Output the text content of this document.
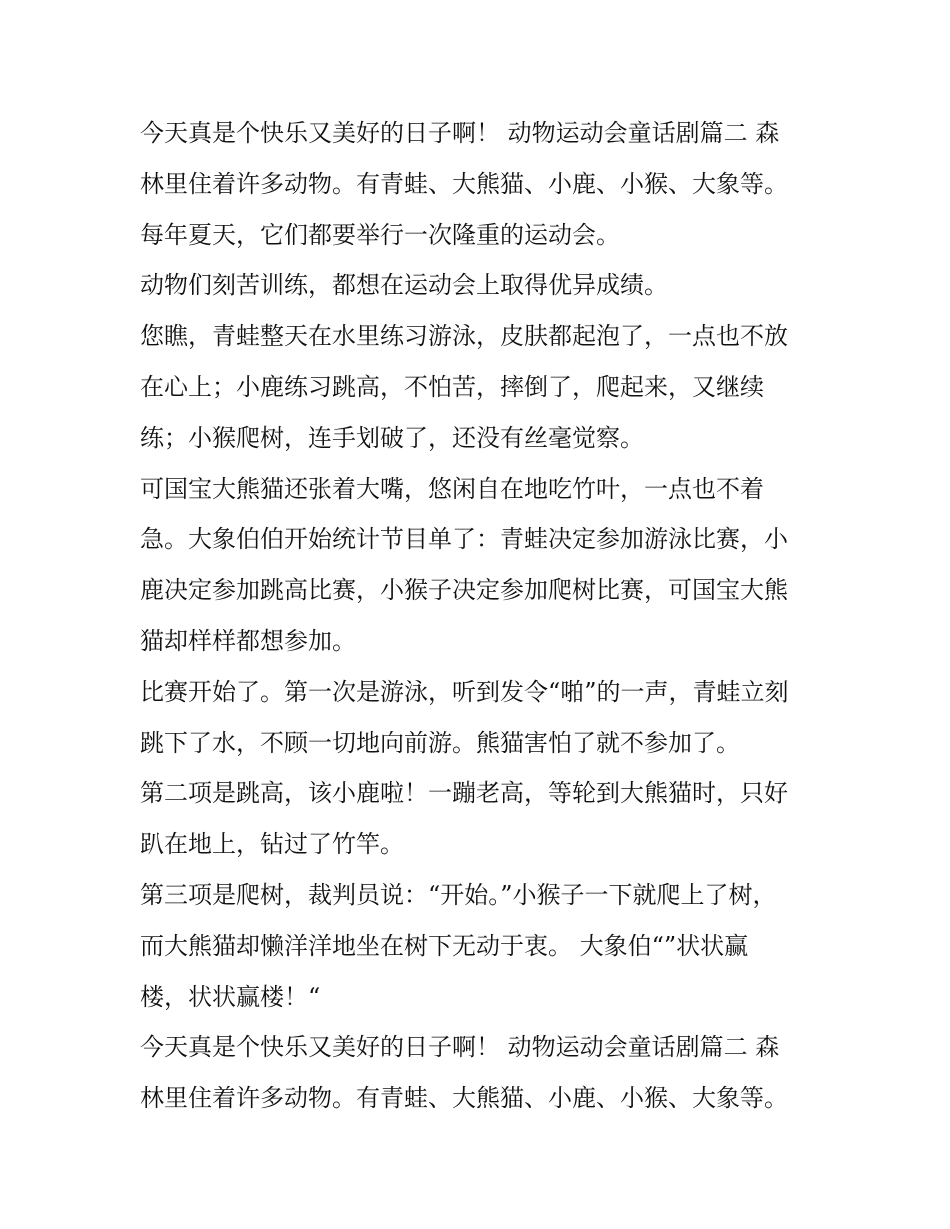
今天真是个快乐又美好的日子啊！ 动物运动会童话剧篇二 森
林里住着许多动物。有青蛙、大熊猫、小鹿、小猴、大象等。
每年夏天，它们都要举行一次隆重的运动会。
动物们刻苦训练，都想在运动会上取得优异成绩。
您瞧，青蛙整天在水里练习游泳，皮肤都起泡了，一点也不放
在心上；小鹿练习跳高，不怕苦，摔倒了，爬起来，又继续
练；小猴爬树，连手划破了，还没有丝毫觉察。
可国宝大熊猫还张着大嘴，悠闲自在地吃竹叶，一点也不着
急。大象伯伯开始统计节目单了：青蛙决定参加游泳比赛，小
鹿决定参加跳高比赛，小猴子决定参加爬树比赛，可国宝大熊
猫却样样都想参加。
比赛开始了。第一次是游泳，听到发令“啪”的一声，青蛙立刻
跳下了水，不顾一切地向前游。熊猫害怕了就不参加了。
第二项是跳高，该小鹿啦！一蹦老高，等轮到大熊猫时，只好
趴在地上，钻过了竹竿。
第三项是爬树，裁判员说：“开始。”小猴子一下就爬上了树，
而大熊猫却懒洋洋地坐在树下无动于衷。 大象伯“”状状赢
楼，状状赢楼！“
今天真是个快乐又美好的日子啊！ 动物运动会童话剧篇二 森
林里住着许多动物。有青蛙、大熊猫、小鹿、小猴、大象等。
